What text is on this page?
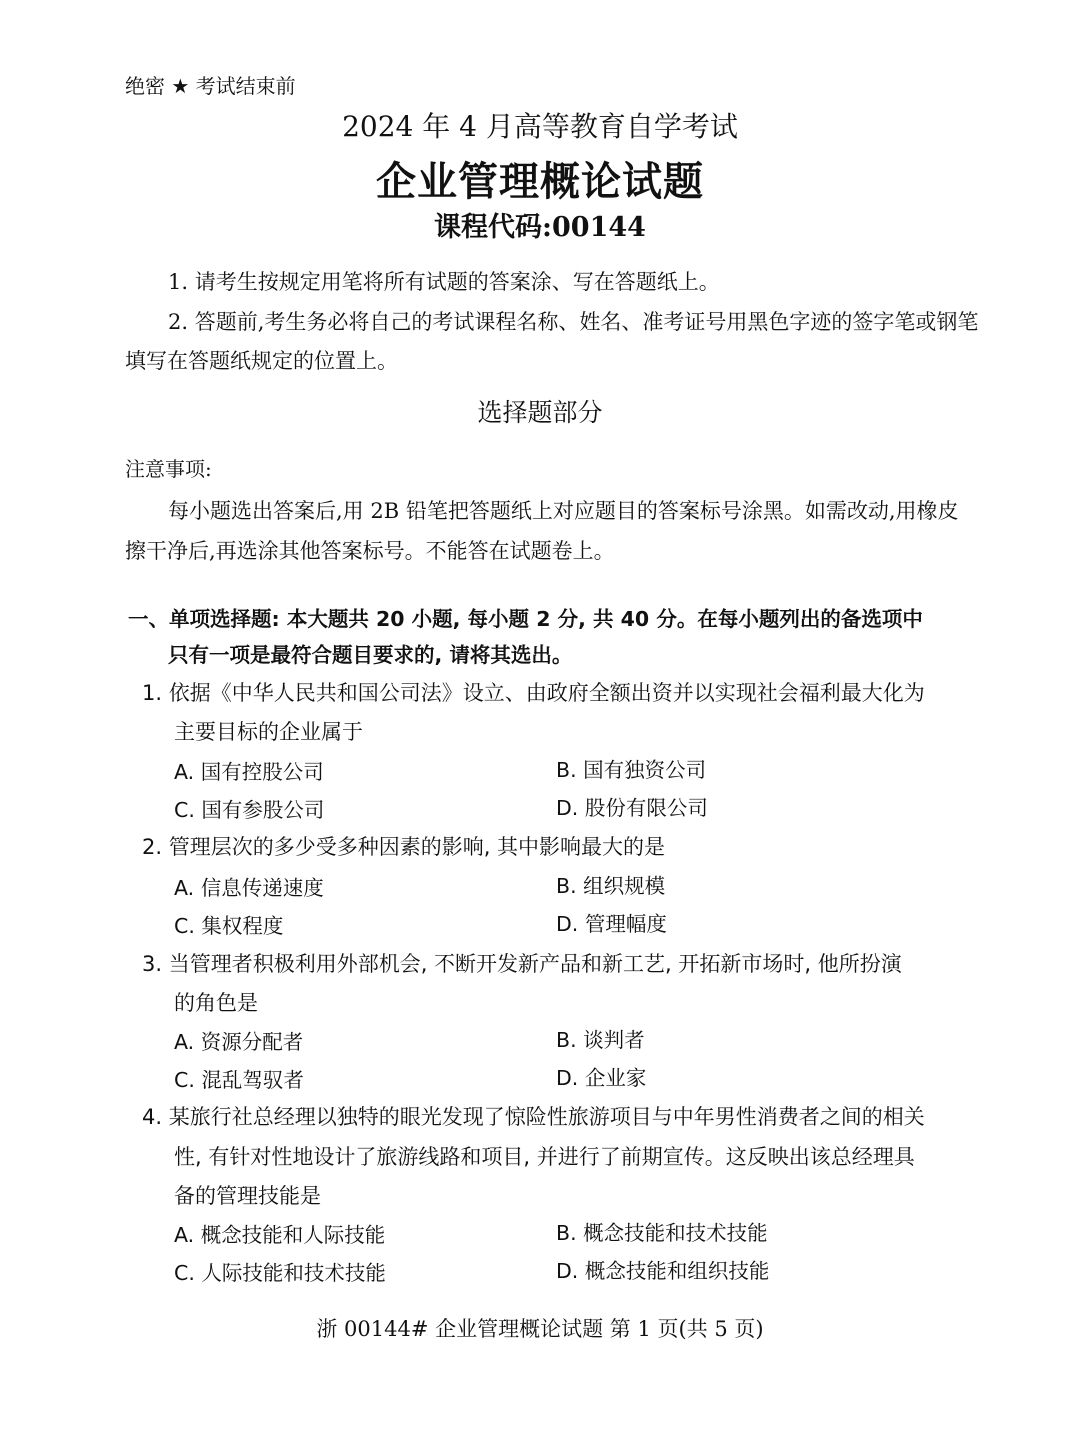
绝密 ★ 考试结束前
2024 年 4 月高等教育自学考试
企业管理概论试题
课程代码:00144
1. 请考生按规定用笔将所有试题的答案涂、写在答题纸上。
2. 答题前,考生务必将自己的考试课程名称、姓名、准考证号用黑色字迹的签字笔或钢笔
填写在答题纸规定的位置上。
选择题部分
注意事项:
每小题选出答案后,用 2B 铅笔把答题纸上对应题目的答案标号涂黑。如需改动,用橡皮
擦干净后,再选涂其他答案标号。不能答在试题卷上。
一、单项选择题: 本大题共 20 小题, 每小题 2 分, 共 40 分。在每小题列出的备选项中
只有一项是最符合题目要求的, 请将其选出。
1. 依据《中华人民共和国公司法》设立、由政府全额出资并以实现社会福利最大化为
主要目标的企业属于
A. 国有控股公司	B. 国有独资公司
C. 国有参股公司	D. 股份有限公司
2. 管理层次的多少受多种因素的影响, 其中影响最大的是
A. 信息传递速度	B. 组织规模
C. 集权程度	D. 管理幅度
3. 当管理者积极利用外部机会, 不断开发新产品和新工艺, 开拓新市场时, 他所扮演
的角色是
A. 资源分配者	B. 谈判者
C. 混乱驾驭者	D. 企业家
4. 某旅行社总经理以独特的眼光发现了惊险性旅游项目与中年男性消费者之间的相关
性, 有针对性地设计了旅游线路和项目, 并进行了前期宣传。这反映出该总经理具
备的管理技能是
A. 概念技能和人际技能	B. 概念技能和技术技能
C. 人际技能和技术技能	D. 概念技能和组织技能
浙 00144# 企业管理概论试题 第 1 页(共 5 页)
